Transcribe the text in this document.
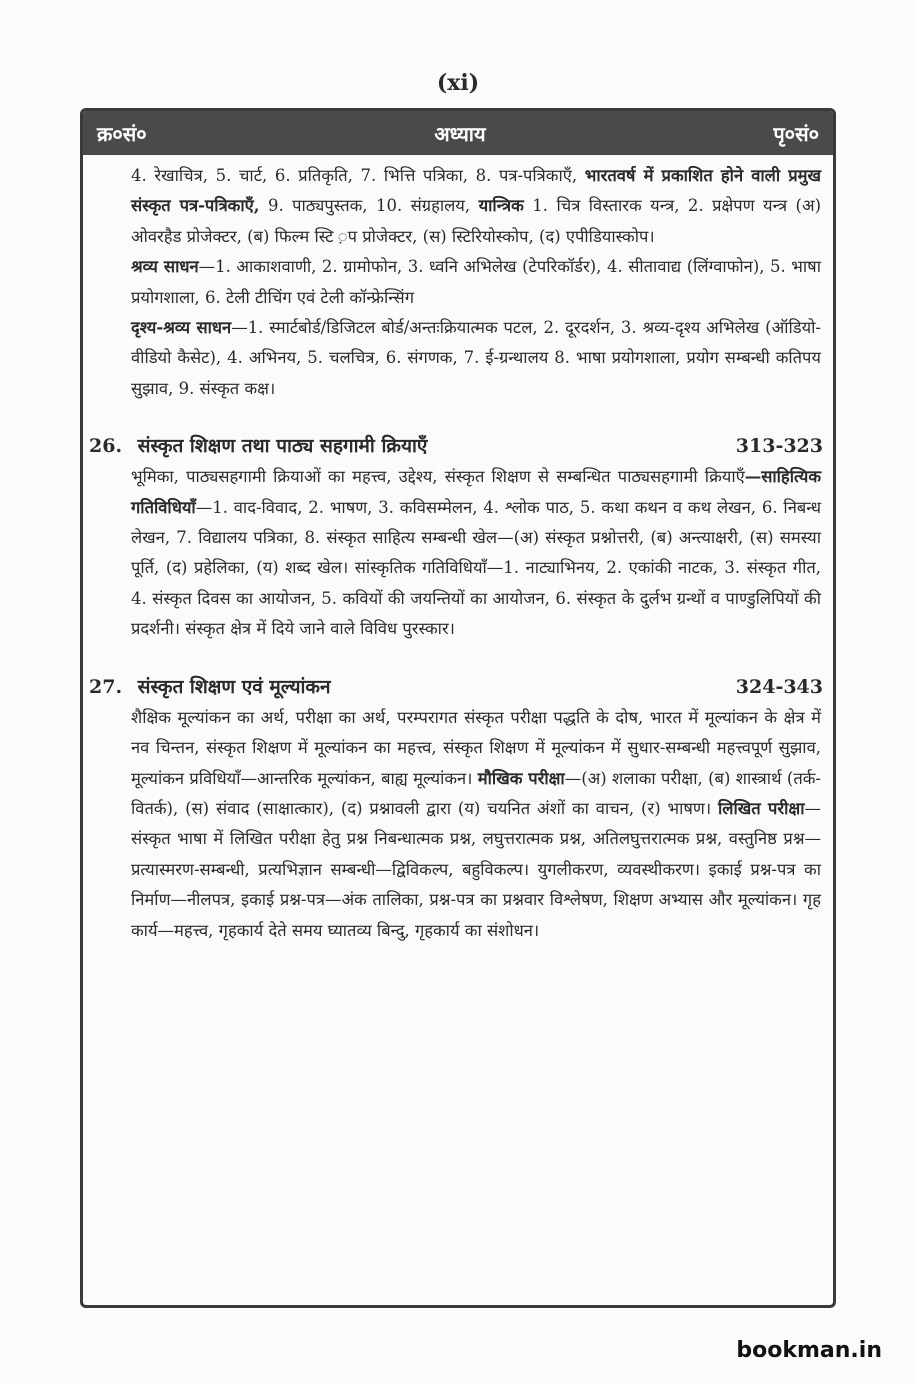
(xi)
क्र०सं०	अध्याय	पृ०सं०

4. रेखाचित्र, 5. चार्ट, 6. प्रतिकृति, 7. भित्ति पत्रिका, 8. पत्र-पत्रिकाएँ, भारतवर्ष में प्रकाशित होने वाली प्रमुख संस्कृत पत्र-पत्रिकाएँ, 9. पाठ्यपुस्तक, 10. संग्रहालय, यान्त्रिक 1. चित्र विस्तारक यन्त्र, 2. प्रक्षेपण यन्त्र (अ) ओवरहैड प्रोजेक्टर, (ब) फिल्म स्टि ़प प्रोजेक्टर, (स) स्टिरियोस्कोप, (द) एपीडियास्कोप।

श्रव्य साधन—1. आकाशवाणी, 2. ग्रामोफोन, 3. ध्वनि अभिलेख (टेपरिकॉर्डर), 4. सीतावाद्य (लिंग्वाफोन), 5. भाषा प्रयोगशाला, 6. टेली टीचिंग एवं टेली कॉन्फ्रेन्सिंग

दृश्य-श्रव्य साधन—1. स्मार्टबोर्ड/डिजिटल बोर्ड/अन्तःक्रियात्मक पटल, 2. दूरदर्शन, 3. श्रव्य-दृश्य अभिलेख (ऑडियो-वीडियो कैसेट), 4. अभिनय, 5. चलचित्र, 6. संगणक, 7. ई-ग्रन्थालय 8. भाषा प्रयोगशाला, प्रयोग सम्बन्धी कतिपय सुझाव, 9. संस्कृत कक्ष।

26. संस्कृत शिक्षण तथा पाठ्य सहगामी क्रियाएँ	313-323

भूमिका, पाठ्यसहगामी क्रियाओं का महत्त्व, उद्देश्य, संस्कृत शिक्षण से सम्बन्धित पाठ्यसहगामी क्रियाएँ—साहित्यिक गतिविधियाँ—1. वाद-विवाद, 2. भाषण, 3. कविसम्मेलन, 4. श्लोक पाठ, 5. कथा कथन व कथ लेखन, 6. निबन्ध लेखन, 7. विद्यालय पत्रिका, 8. संस्कृत साहित्य सम्बन्धी खेल—(अ) संस्कृत प्रश्नोत्तरी, (ब) अन्त्याक्षरी, (स) समस्या पूर्ति, (द) प्रहेलिका, (य) शब्द खेल। सांस्कृतिक गतिविधियाँ—1. नाट्याभिनय, 2. एकांकी नाटक, 3. संस्कृत गीत, 4. संस्कृत दिवस का आयोजन, 5. कवियों की जयन्तियों का आयोजन, 6. संस्कृत के दुर्लभ ग्रन्थों व पाण्डुलिपियों की प्रदर्शनी। संस्कृत क्षेत्र में दिये जाने वाले विविध पुरस्कार।

27. संस्कृत शिक्षण एवं मूल्यांकन	324-343

शैक्षिक मूल्यांकन का अर्थ, परीक्षा का अर्थ, परम्परागत संस्कृत परीक्षा पद्धति के दोष, भारत में मूल्यांकन के क्षेत्र में नव चिन्तन, संस्कृत शिक्षण में मूल्यांकन का महत्त्व, संस्कृत शिक्षण में मूल्यांकन में सुधार-सम्बन्धी महत्त्वपूर्ण सुझाव, मूल्यांकन प्रविधियाँ—आन्तरिक मूल्यांकन, बाह्य मूल्यांकन। मौखिक परीक्षा—(अ) शलाका परीक्षा, (ब) शास्त्रार्थ (तर्क-वितर्क), (स) संवाद (साक्षात्कार), (द) प्रश्नावली द्वारा (य) चयनित अंशों का वाचन, (र) भाषण। लिखित परीक्षा—संस्कृत भाषा में लिखित परीक्षा हेतु प्रश्न निबन्धात्मक प्रश्न, लघुत्तरात्मक प्रश्न, अतिलघुत्तरात्मक प्रश्न, वस्तुनिष्ठ प्रश्न—प्रत्यास्मरण-सम्बन्धी, प्रत्यभिज्ञान सम्बन्धी—द्विविकल्प, बहुविकल्प। युगलीकरण, व्यवस्थीकरण। इकाई प्रश्न-पत्र का निर्माण—नीलपत्र, इकाई प्रश्न-पत्र—अंक तालिका, प्रश्न-पत्र का प्रश्नवार विश्लेषण, शिक्षण अभ्यास और मूल्यांकन। गृह कार्य—महत्त्व, गृहकार्य देते समय घ्यातव्य बिन्दु, गृहकार्य का संशोधन।

bookman.in
